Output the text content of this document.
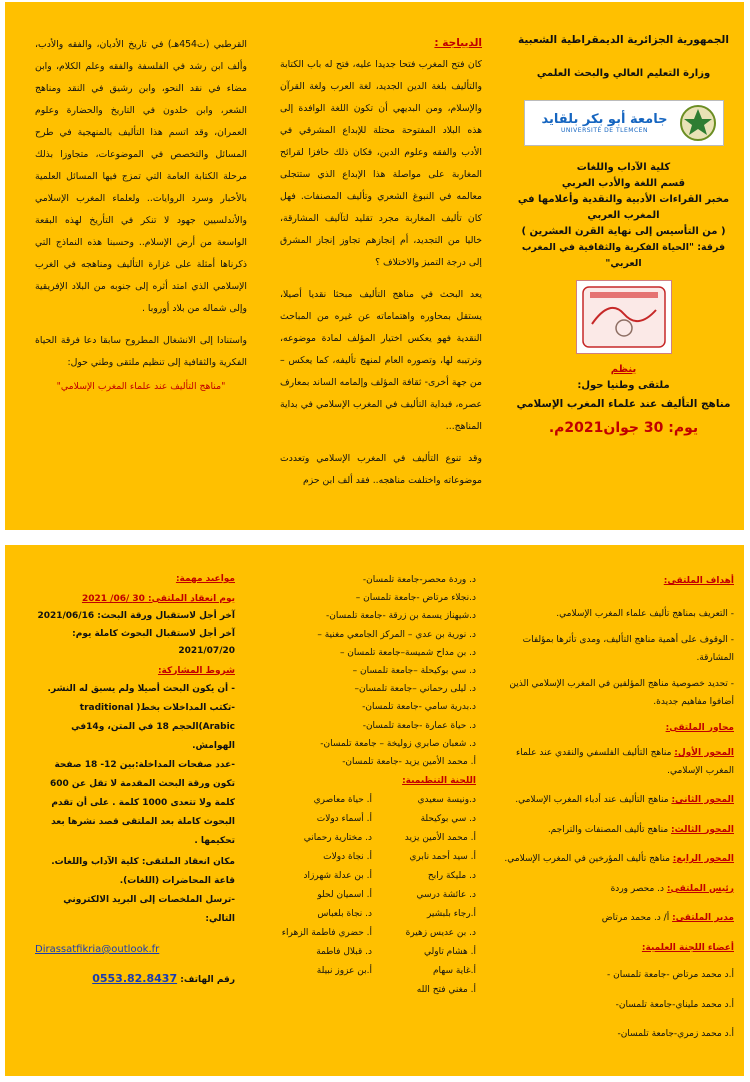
الجمهورية الجزائرية الديمقراطية الشعبية
وزارة التعليم العالي والبحث العلمي
جامعة أبو بكر بلقايد
UNIVERSITÉ DE TLEMCEN
كلية الآداب واللغات
قسم اللغة والأدب العربي
مخبر القراءات الأدبية والنقدية وأعلامها في
المغرب العربي
( من التأسيس إلى نهاية القرن العشرين )
فرقة: "الحياة الفكرية والثقافية في المغرب العربي"
ينظم
ملتقى وطنيا حول:
مناهج التأليف عند علماء المغرب الإسلامي
يوم: 30 جوان2021م.
الديباجة :

كان فتح المغرب فتحا جديدا عليه، فتح له باب الكتابة والتأليف بلغة الدين الجديد، لغة العرب ولغة القرآن والإسلام، ومن البديهي أن تكون اللغة الوافدة إلى هذه البلاد المفتوحة محتلة للإبداع المشرقي في الأدب والفقه وعلوم الدين، فكان ذلك حافزا لقرائح المغاربة على مواصلة هذا الإبداع الذي ستتجلى معالمه في النبوغ الشعري وتأليف المصنفات. فهل كان تأليف المغاربة مجرد تقليد لتآليف المشارقة، خاليا من التجديد، أم إنجازهم تجاوز إنجاز المشرق إلى درجة التميز والاختلاف ؟

يعد البحث في مناهج التأليف مبحثا نقديا أصيلا، يستقل بمحاوره واهتماماته عن غيره من المباحث النقدية فهو يعكس اختيار المؤلف لمادة موضوعه، وترتيبه لها، وتصوره العام لمنهج تأليفه، كما يعكس – من جهة أخرى- ثقافة المؤلف وإلمامه الساند بمعارف عصره، فبداية التأليف في المغرب الإسلامي في بداية المناهج...

وقد تنوع التأليف في المغرب الإسلامي وتعددت موضوعاته واختلفت مناهجه.. فقد ألف ابن حزم

القرطبي (ت454هـ) في تاريخ الأديان، والفقه والأدب، وألف ابن رشد في الفلسفة والفقه وعلم الكلام، وابن مضاء في نقد النحو، وابن رشيق في النقد ومناهج الشعر، وابن خلدون في التاريخ والحضارة وعلوم العمران، وقد اتسم هذا التأليف بالمنهجية في طرح المسائل والتخصص في الموضوعات، متجاوزا بذلك مرحلة الكتابة العامة التي تمزج فيها المسائل العلمية بالأخبار وسرد الروايات.. ولعلماء المغرب الإسلامي والأندلسيين جهود لا تنكر في التأريخ لهذه البقعة الواسعة من أرض الإسلام.. وحسبنا هذه النماذج التي ذكرناها أمثلة على غزارة التأليف ومناهجه في الغرب الإسلامي الذي امتد أثره إلى جنوبه من البلاد الإفريقية وإلى شماله من بلاد أوروبا .

واستنادا إلى الانشغال المطروح سابقا دعا فرقة الحياة الفكرية والثقافية إلى تنظيم ملتقى وطني حول:

"مناهج التأليف عند علماء المغرب الإسلامي"

أهداف الملتقى:
- التعريف بمناهج تأليف علماء المغرب الإسلامي.
- الوقوف على أهمية مناهج التأليف، ومدى تأثرها بمؤلفات المشارقة.
- تحديد خصوصية مناهج المؤلفين في المغرب الإسلامي الذين أضافوا مفاهيم جديدة.
محاور الملتقى:
المحور الأول: مناهج التأليف الفلسفي والنقدي عند علماء المغرب الإسلامي.
المحور الثاني: مناهج التأليف عند أدباء المغرب الإسلامي.
المحور الثالث: مناهج تأليف المصنفات والتراجم.
المحور الرابع: مناهج تأليف المؤرخين في المغرب الإسلامي.
رئيس الملتقى: د. محصر وردة
مدير الملتقى: أ/ د. محمد مرتاض
أعضاء اللجنة العلمية:
أ.د محمد مرتاض -جامعة تلمسان -
أ.د محمد مليناي-جامعة تلمسان-
أ.د محمد زمري-جامعة تلمسان-
د. وردة محصر-جامعة تلمسان-
د.نجلاء مرتاض -جامعة تلمسان –
د.شيهناز يسمة بن زرقة -جامعة تلمسان-
د. نورية بن عدي – المركز الجامعي مغنية –
د. بن مداح شميسة–جامعة تلمسان –
د. سي بوكيحلة –جامعة تلمسان –
د. ليلى رحماني –جامعة تلمسان–
د.بدرية سامي -جامعة تلمسان-
د. حياة عمارة -جامعة تلمسان-
د. شعبان صابري زوليخة – جامعة تلمسان-
أ. محمد الأمين يزيد -جامعة تلمسان-
اللجنة التنظيمية:
د.ونيسة سعيدي	أ. حياة معاصري
د. سي بوكيحلة	أ. أسماء دولات
أ. محمد الأمين يزيد	د. مختارية رحماني
أ. سيد أحمد نابري	أ. نجاة دولات
د. مليكة رابح	أ. بن عدلة شهرزاد
د. عائشة درسي	أ. اسميان لحلو
أ.رجاء بلبشير	د. نجاة بلعباس
د. بن عديس زهيرة	أ. حضري فاطمة الزهراء
أ. هشام تاولي	د. قبلال فاطمة
أ.غاية سهام	أ.بن عزوز نبيلة
أ. مغني فتح الله	
مواعيد مهمة:
يوم انعقاد الملتقى: 30 /06/ 2021
آخر أجل لاستقبال ورقة البحث: 2021/06/16
آخر أجل لاستقبال البحوث كاملة يوم: 2021/07/20
شروط المشاركة:
- أن يكون البحث أصيلا ولم يسبق له النشر.
-تكتب المداخلات بخط( traditional Arabic)الحجم 18 في المتن، و14في الهوامش.
-عدد صفحات المداخلة:بين 12- 18 صفحة
تكون ورقة البحث المقدمة لا تقل عن 600 كلمة ولا تتعدى 1000 كلمة . على أن تقدم البحوث كاملة بعد الملتقى قصد نشرها بعد تحكيمها .
مكان انعقاد الملتقى: كلية الآداب واللغات. قاعة المحاضرات (اللغات).
-ترسل الملخصات إلى البريد الالكتروني التالي:
Dirassatfikria@outlook.fr
رقم الهاتف: 0553.82.8437
